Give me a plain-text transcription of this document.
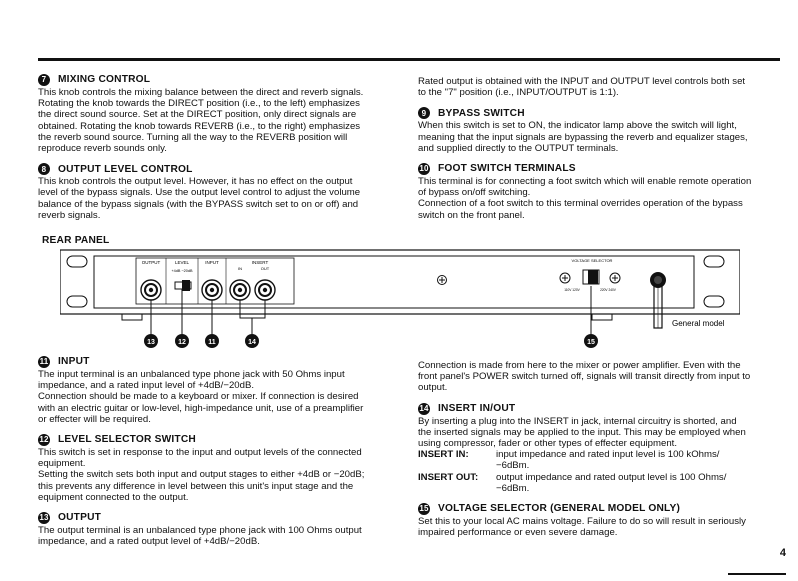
7	MIXING CONTROL

This knob controls the mixing balance between the direct and reverb signals.

Rotating the knob towards the DIRECT position (i.e., to the left) emphasizes the direct sound source. Set at the DIRECT position, only direct signals are obtained. Rotating the knob towards REVERB (i.e., to the right) emphasizes the reverb sound source. Turning all the way to the REVERB position will reproduce reverb sounds only.

8	OUTPUT LEVEL CONTROL

This knob controls the output level. However, it has no effect on the output level of the bypass signals. Use the output level control to adjust the volume balance of the bypass signals (with the BYPASS switch set to on or off) and reverb signals.

Rated output is obtained with the INPUT and OUTPUT level controls both set to the "7" position (i.e., INPUT/OUTPUT is 1:1).

9	BYPASS SWITCH

When this switch is set to ON, the indicator lamp above the switch will light, meaning that the input signals are bypassing the reverb and equalizer stages, and supplied directly to the OUTPUT terminals.

10 FOOT SWITCH TERMINALS

This terminal is for connecting a foot switch which will enable remote operation of bypass on/off switching.

Connection of a foot switch to this terminal overrides operation of the bypass switch on the front panel.

REAR PANEL
OUTPUT	LEVEL
+4dB −20dB
INPUT	INSERT
IN	OUT
VOLTAGE SELECTOR
110V 120V	220V 240V
General model
13	12	11	14	15
11 INPUT

The input terminal is an unbalanced type phone jack with 50 Ohms input impedance, and a rated input level of +4dB/−20dB.

Connection should be made to a keyboard or mixer. If connection is desired with an electric guitar or low-level, high-impedance unit, use of a preamplifier or effecter will be required.

12 LEVEL SELECTOR SWITCH

This switch is set in response to the input and output levels of the connected equipment.

Setting the switch sets both input and output stages to either +4dB or −20dB; this prevents any difference in level between this unit's input stage and the equipment connected to the output.

13 OUTPUT

The output terminal is an unbalanced type phone jack with 100 Ohms output impedance, and a rated output level of +4dB/−20dB.

Connection is made from here to the mixer or power amplifier. Even with the front panel's POWER switch turned off, signals will transit directly from input to output.

14 INSERT IN/OUT

By inserting a plug into the INSERT in jack, internal circuitry is shorted, and the inserted signals may be applied to the input. This may be employed when using compressor, fader or other types of effecter equipment.

INSERT IN:	input impedance and rated input level is 100 kOhms/ −6dBm.
INSERT OUT:	output impedance and rated output level is 100 Ohms/ −6dBm.
15 VOLTAGE SELECTOR (GENERAL MODEL ONLY)

Set this to your local AC mains voltage. Failure to do so will result in seriously impaired performance or even severe damage.

4
